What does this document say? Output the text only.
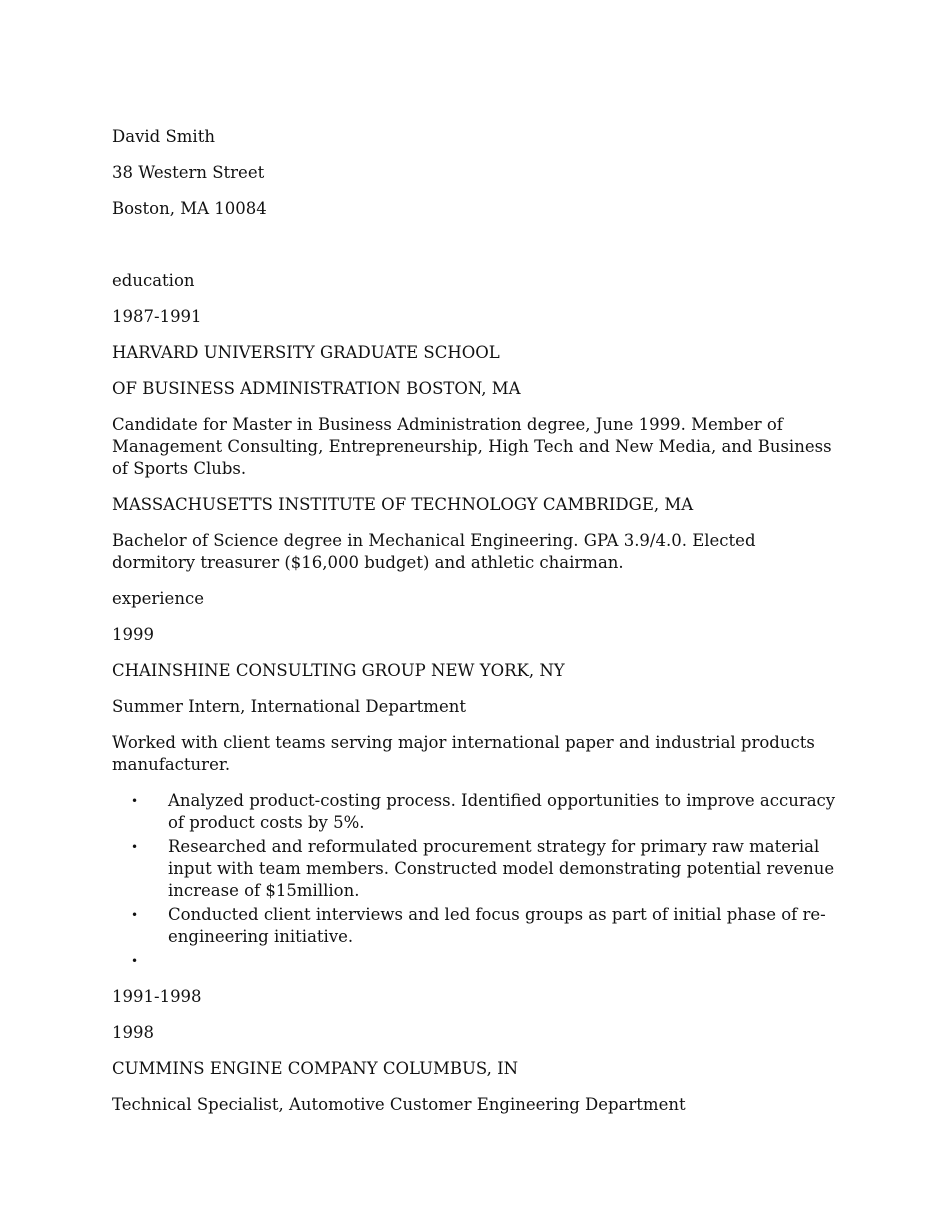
David Smith

38 Western Street

Boston, MA 10084

education

1987-1991

HARVARD UNIVERSITY GRADUATE SCHOOL

OF BUSINESS ADMINISTRATION BOSTON, MA

Candidate for Master in Business Administration degree, June 1999. Member of Management Consulting, Entrepreneurship, High Tech and New Media, and Business of Sports Clubs.

MASSACHUSETTS INSTITUTE OF TECHNOLOGY CAMBRIDGE, MA

Bachelor of Science degree in Mechanical Engineering. GPA 3.9/4.0. Elected dormitory treasurer ($16,000 budget) and athletic chairman.

experience

1999

CHAINSHINE CONSULTING GROUP NEW YORK, NY

Summer Intern, International Department

Worked with client teams serving major international paper and industrial products manufacturer.

• Analyzed product-costing process. Identified opportunities to improve accuracy of product costs by 5%.
• Researched and reformulated procurement strategy for primary raw material input with team members. Constructed model demonstrating potential revenue increase of $15million.
• Conducted client interviews and led focus groups as part of initial phase of re-engineering initiative.
•

1991-1998

1998

CUMMINS ENGINE COMPANY COLUMBUS, IN

Technical Specialist, Automotive Customer Engineering Department
